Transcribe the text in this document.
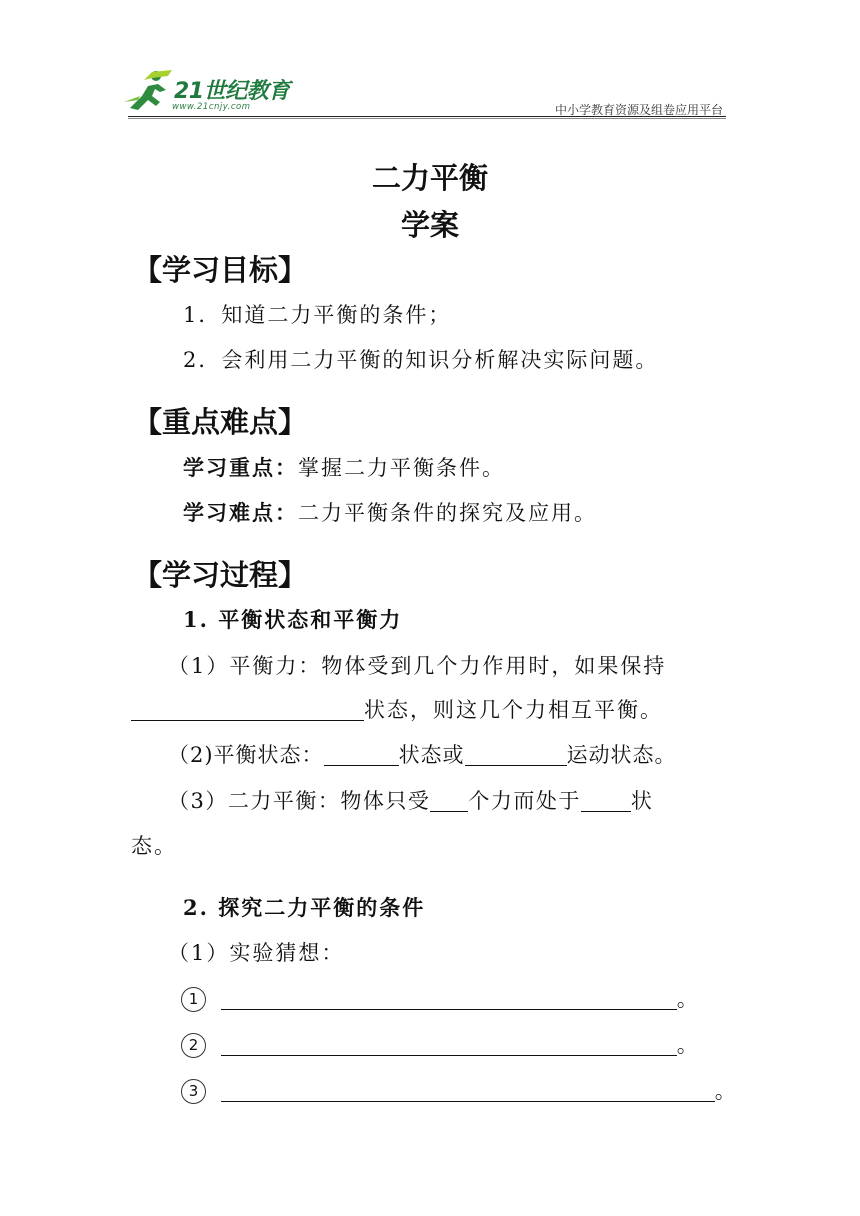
21世纪教育
www.21cnjy.com	中小学教育资源及组卷应用平台
二力平衡
学案
【学习目标】
1．知道二力平衡的条件；
2．会利用二力平衡的知识分析解决实际问题。
【重点难点】
学习重点：掌握二力平衡条件。
学习难点：二力平衡条件的探究及应用。
【学习过程】
1. 平衡状态和平衡力
（1）平衡力：物体受到几个力作用时，如果保持
状态，则这几个力相互平衡。
（2)平衡状态：	状态或	运动状态。
（3）二力平衡：物体只受 个力而处于 状
态。
2. 探究二力平衡的条件
（1）实验猜想：
1	。
2	。
3	。
